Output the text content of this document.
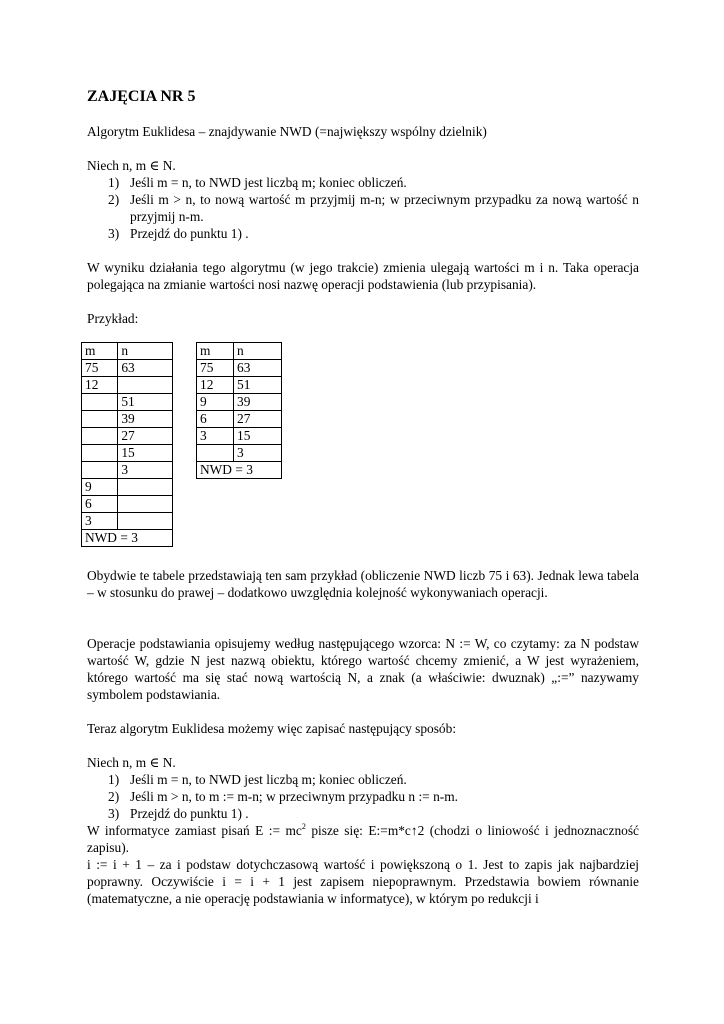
ZAJĘCIA NR 5

Algorytm Euklidesa – znajdywanie NWD (=największy wspólny dzielnik)

Niech n, m ∈ N.

1) Jeśli m = n, to NWD jest liczbą m; koniec obliczeń.
2) Jeśli m > n, to nową wartość m przyjmij m-n; w przeciwnym przypadku za nową wartość n przyjmij n-m.
3) Przejdź do punktu 1) .

W wyniku działania tego algorytmu (w jego trakcie) zmienia ulegają wartości m i n. Taka operacja polegająca na zmianie wartości nosi nazwę operacji podstawienia (lub przypisania).

Przykład:

m	n
75	63
12	
	51
	39
	27
	15
	3
9	
6	
3	
NWD = 3	
m	n
75	63
12	51
9	39
6	27
3	15
	3
NWD = 3	

Obydwie te tabele przedstawiają ten sam przykład (obliczenie NWD liczb 75 i 63). Jednak lewa tabela – w stosunku do prawej – dodatkowo uwzględnia kolejność wykonywaniach operacji.

Operacje podstawiania opisujemy według następującego wzorca: N := W, co czytamy: za N podstaw wartość W, gdzie N jest nazwą obiektu, którego wartość chcemy zmienić, a W jest wyrażeniem, którego wartość ma się stać nową wartością N, a znak (a właściwie: dwuznak) „:=” nazywamy symbolem podstawiania.

Teraz algorytm Euklidesa możemy więc zapisać następujący sposób:

Niech n, m ∈ N.

1) Jeśli m = n, to NWD jest liczbą m; koniec obliczeń.
2) Jeśli m > n, to m := m-n; w przeciwnym przypadku n := n-m.
3) Przejdź do punktu 1) .

W informatyce zamiast pisań E := $mc^2$ pisze się: E:=m*c↑2 (chodzi o liniowość i jednoznaczność zapisu).

i := i + 1 – za i podstaw dotychczasową wartość i powiększoną o 1. Jest to zapis jak najbardziej poprawny. Oczywiście i = i + 1 jest zapisem niepoprawnym. Przedstawia bowiem równanie (matematyczne, a nie operację podstawiania w informatyce), w którym po redukcji i
